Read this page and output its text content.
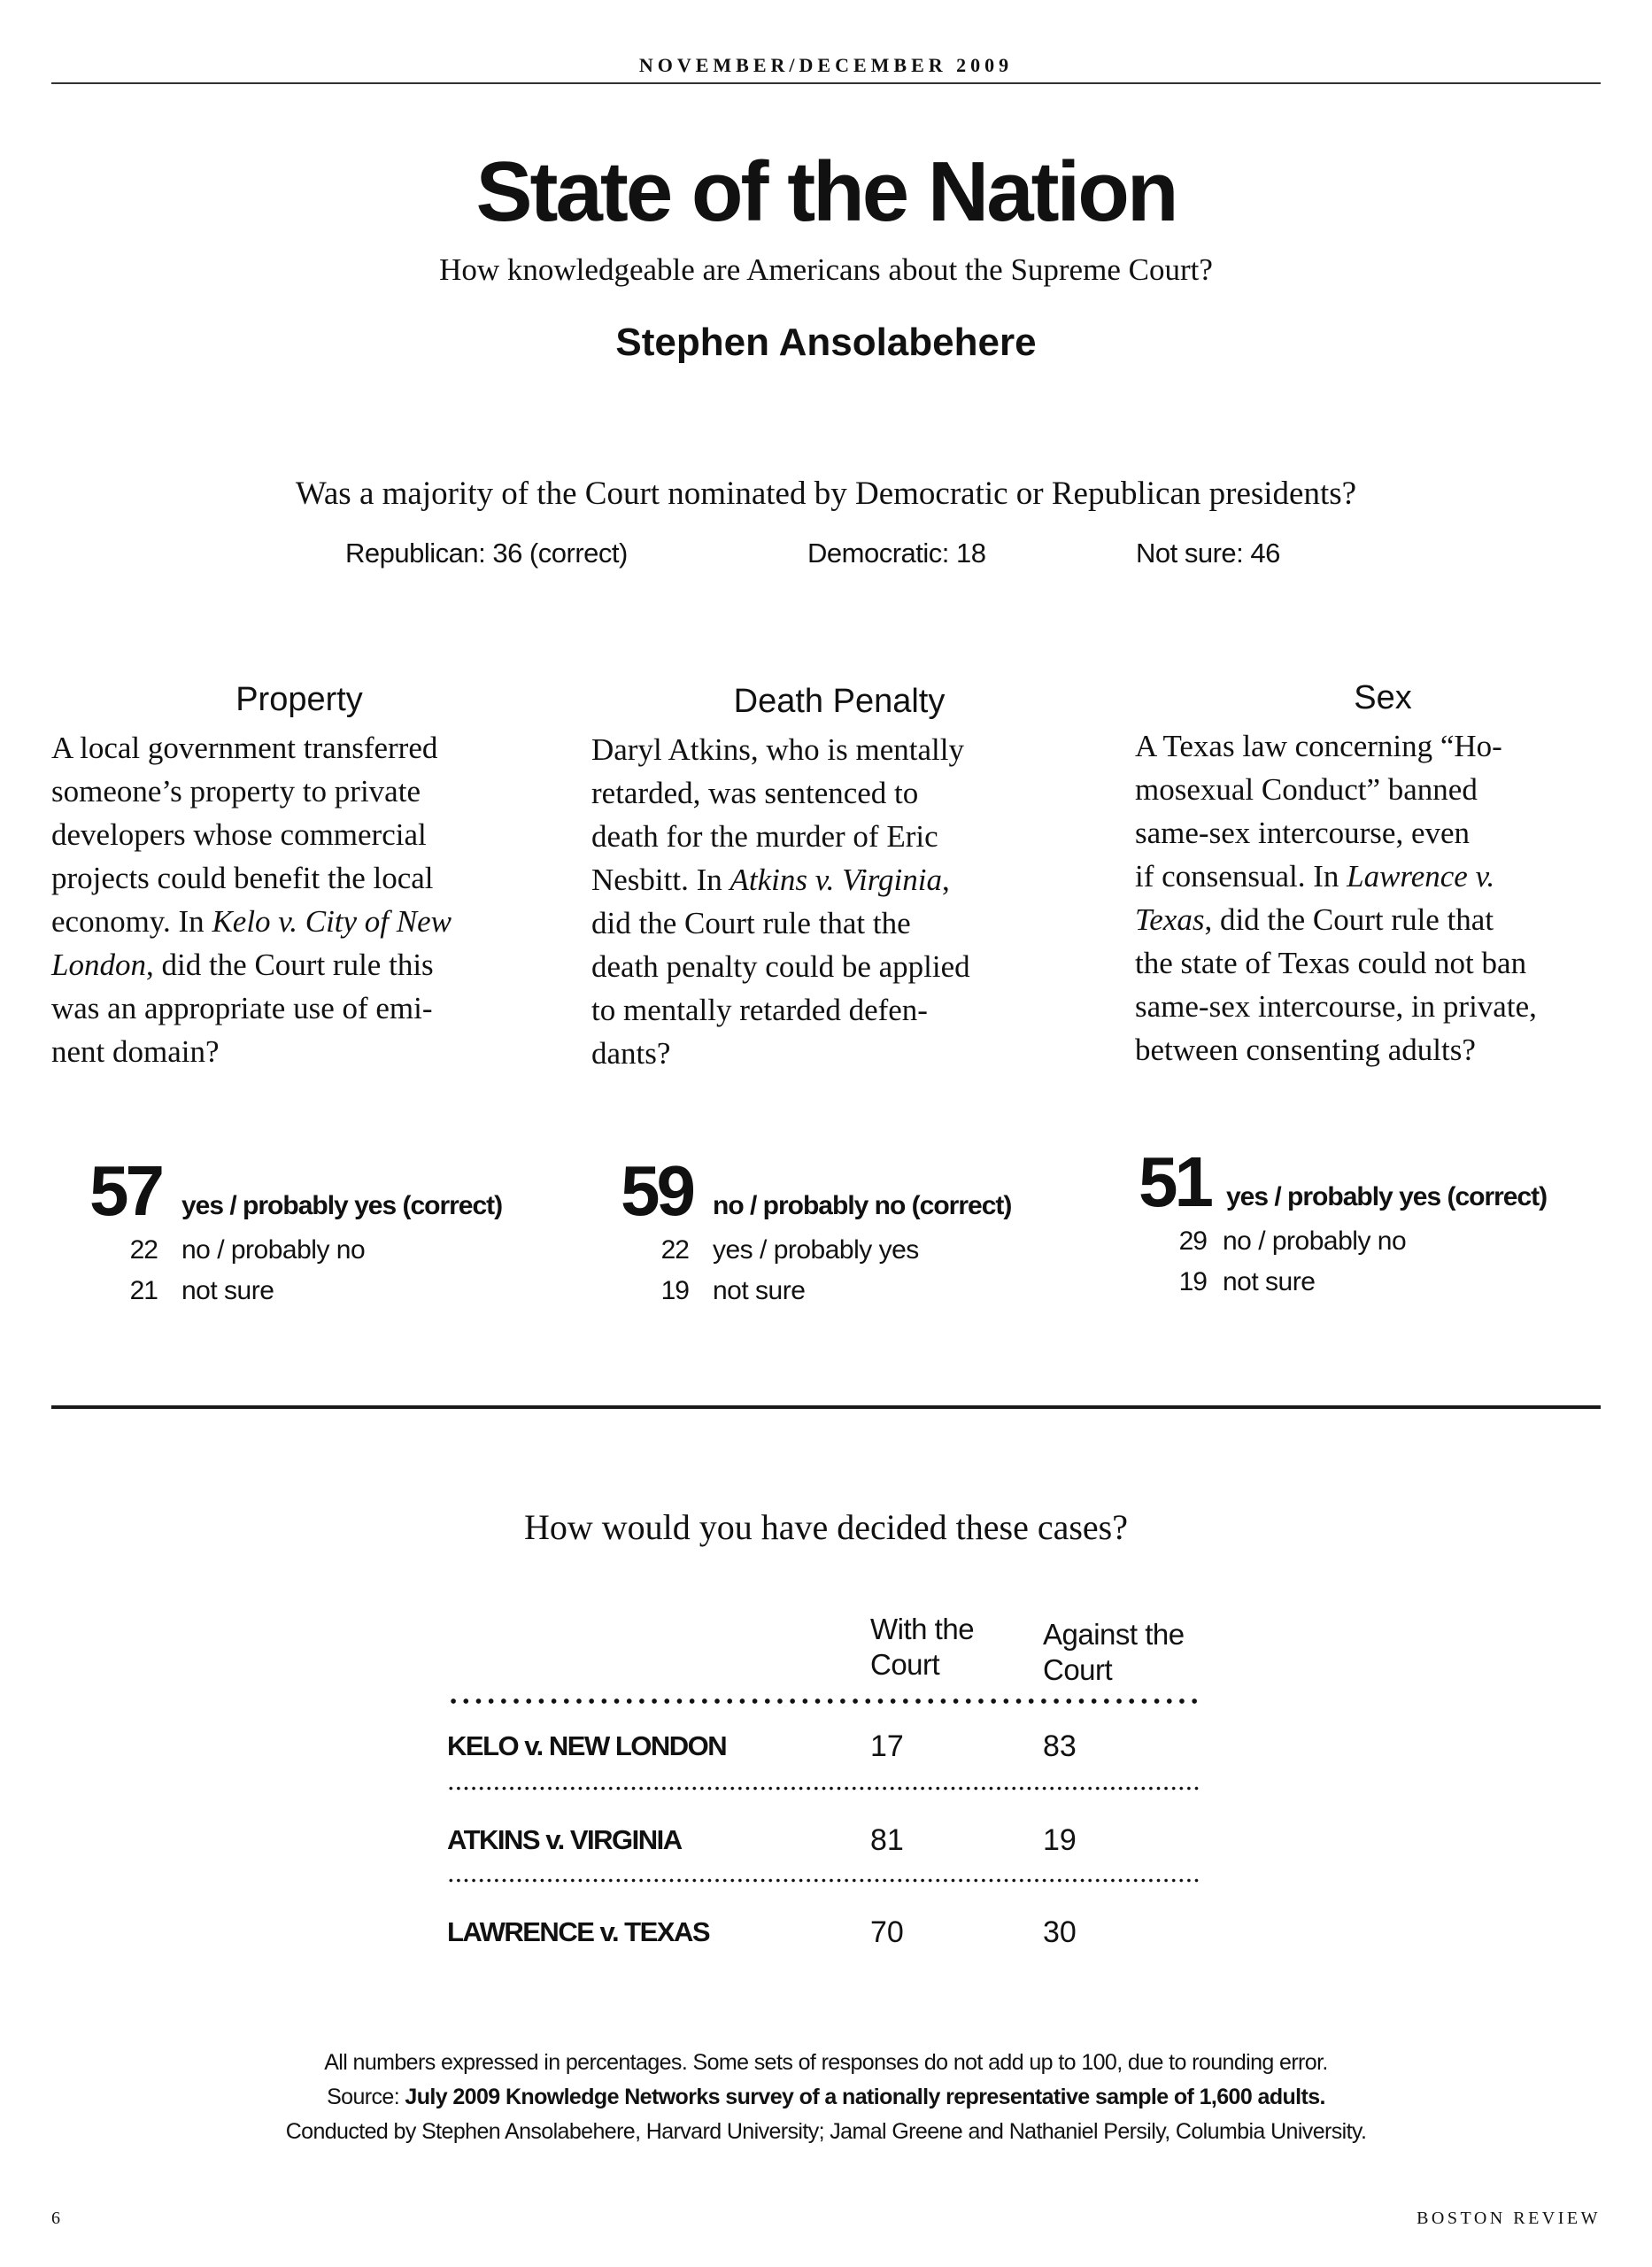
NOVEMBER/DECEMBER 2009
State of the Nation
How knowledgeable are Americans about the Supreme Court?
Stephen Ansolabehere
Was a majority of the Court nominated by Democratic or Republican presidents?
Republican: 36 (correct)	Democratic: 18	Not sure: 46
Property

A local government transferred

someone’s property to private

developers whose commercial

projects could benefit the local

economy. In Kelo v. City of New

London, did the Court rule this

was an appropriate use of emi-

nent domain?

Death Penalty

Daryl Atkins, who is mentally

retarded, was sentenced to

death for the murder of Eric

Nesbitt. In Atkins v. Virginia,

did the Court rule that the

death penalty could be applied

to mentally retarded defen-

dants?

Sex

A Texas law concerning “Ho-

mosexual Conduct” banned

same-sex intercourse, even

if consensual. In Lawrence v.

Texas, did the Court rule that

the state of Texas could not ban

same-sex intercourse, in private,

between consenting adults?

57 yes / probably yes (correct)
22 no / probably no
21 not sure
59 no / probably no (correct)
22 yes / probably yes
19 not sure
51 yes / probably yes (correct)
29 no / probably no
19 not sure
How would you have decided these cases?
With the
Court
Against the
Court
KELO v. NEW LONDON	17	83
ATKINS v. VIRGINIA	81	19
LAWRENCE v. TEXAS	70	30

All numbers expressed in percentages. Some sets of responses do not add up to 100, due to rounding error.

Source: July 2009 Knowledge Networks survey of a nationally representative sample of 1,600 adults.

Conducted by Stephen Ansolabehere, Harvard University; Jamal Greene and Nathaniel Persily, Columbia University.

6	BOSTON REVIEW
